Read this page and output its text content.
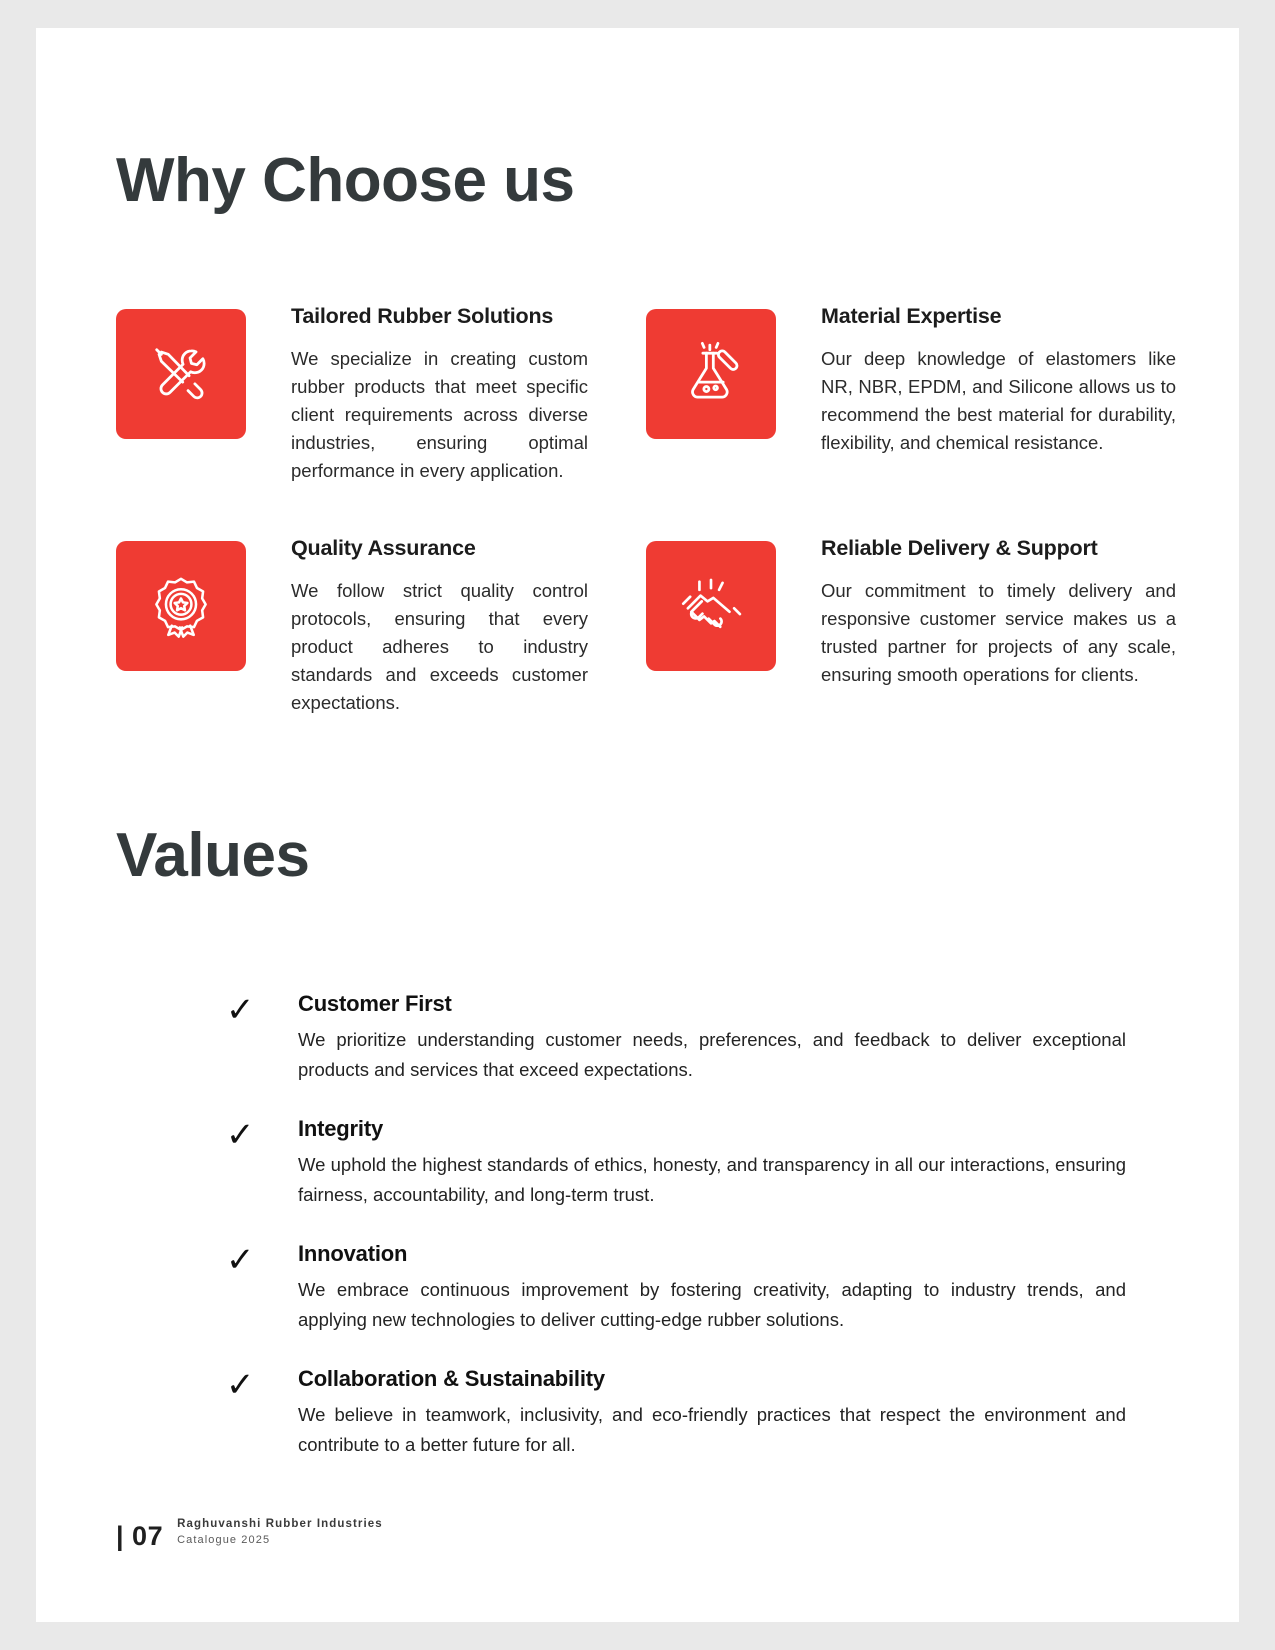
Why Choose us
Tailored Rubber Solutions

We specialize in creating custom rubber products that meet specific client requirements across diverse industries, ensuring optimal performance in every application.

Material Expertise

Our deep knowledge of elastomers like NR, NBR, EPDM, and Silicone allows us to recommend the best material for durability, flexibility, and chemical resistance.

Quality Assurance

We follow strict quality control protocols, ensuring that every product adheres to industry standards and exceeds customer expectations.

Reliable Delivery & Support

Our commitment to timely delivery and responsive customer service makes us a trusted partner for projects of any scale, ensuring smooth operations for clients.

Values
✓	Customer First

We prioritize understanding customer needs, preferences, and feedback to deliver exceptional products and services that exceed expectations.

✓	Integrity

We uphold the highest standards of ethics, honesty, and transparency in all our interactions, ensuring fairness, accountability, and long-term trust.

✓	Innovation

We embrace continuous improvement by fostering creativity, adapting to industry trends, and applying new technologies to deliver cutting-edge rubber solutions.

✓	Collaboration & Sustainability

We believe in teamwork, inclusivity, and eco-friendly practices that respect the environment and contribute to a better future for all.

| 07 Raghuvanshi Rubber Industries
Catalogue 2025
